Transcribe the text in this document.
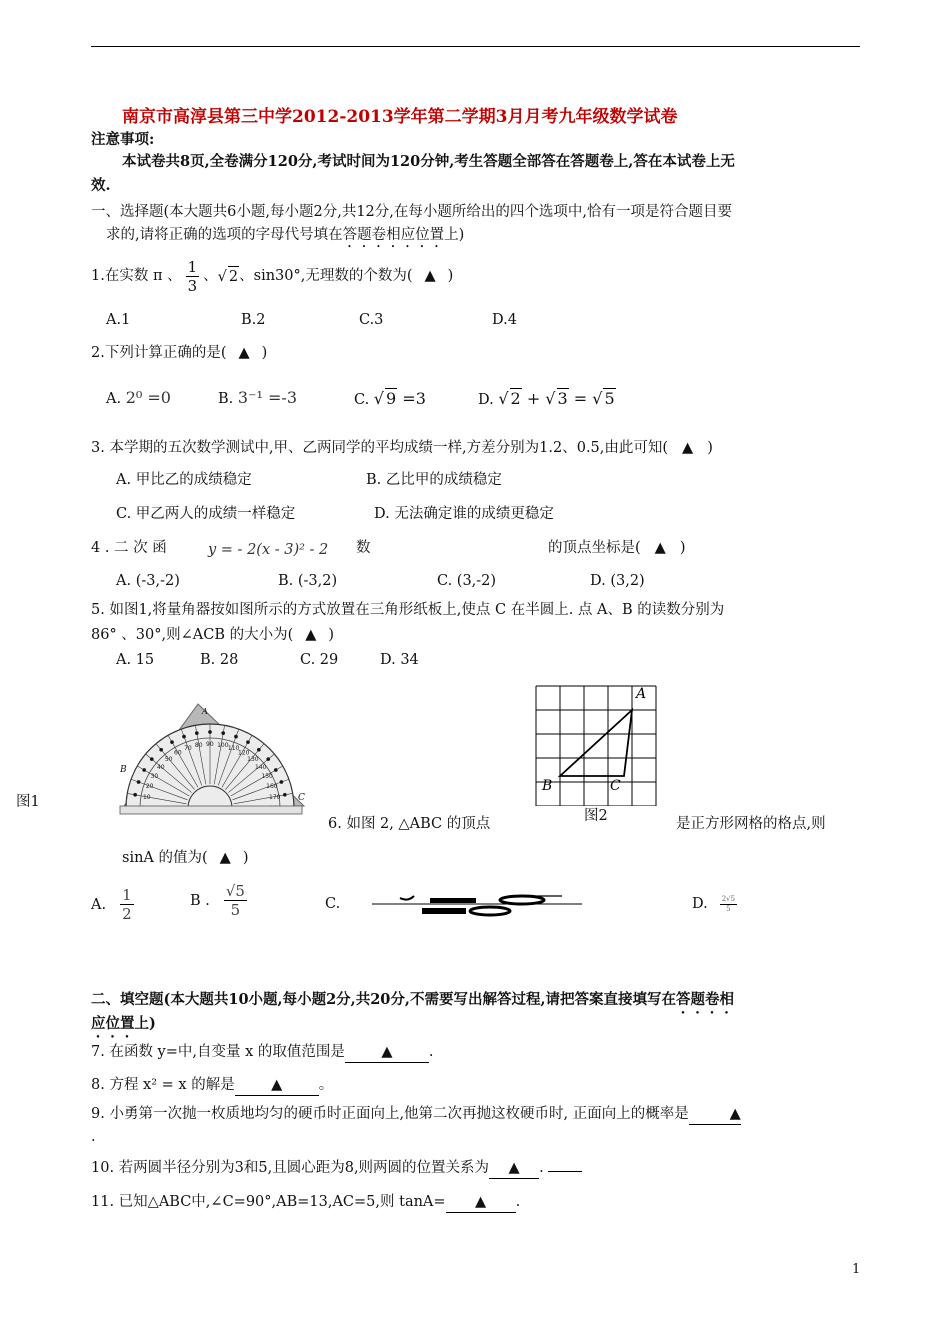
南京市高淳县第三中学2012-2013学年第二学期3月月考九年级数学试卷
注意事项:
本试卷共8页,全卷满分120分,考试时间为120分钟,考生答题全部答在答题卷上,答在本试卷上无
效.
一、选择题(本大题共6小题,每小题2分,共12分,在每小题所给出的四个选项中,恰有一项是符合题目要
求的,请将正确的选项的字母代号填在答题卷相应位置上)
1.在实数 π 、 $\frac{1}{3}$ 、 √ 2 、sin30°,无理数的个数为( ▲ )
A.1	B.2	C.3	D.4
2.下列计算正确的是( ▲ )
A. 2⁰ =0	B. 3⁻¹ =-3	C. √ 9 =3	D. √ 2 + √ 3 = √ 5
3. 本学期的五次数学测试中,甲、乙两同学的平均成绩一样,方差分别为1.2、0.5,由此可知( ▲ )
A. 甲比乙的成绩稳定	B. 乙比甲的成绩稳定
C. 甲乙两人的成绩一样稳定	D. 无法确定谁的成绩更稳定
4 . 二 次 函	y = - 2(x - 3)² - 2 数	的顶点坐标是( ▲ )
A. (-3,-2)	B. (-3,2)	C. (3,-2)	D. (3,2)
5. 如图1,将量角器按如图所示的方式放置在三角形纸板上,使点 C 在半圆上. 点 A、B 的读数分别为
86° 、30°,则∠ACB 的大小为( ▲ )
A. 15	B. 28	C. 29	D. 34
图1	10
20
30
40
50
60
70 80 90 100 110
120
130
140
150
160
170
A
B
C
A
B	C
图2
6. 如图 2, △ABC 的顶点	是正方形网格的格点,则
sinA 的值为( ▲ )
A. $\frac{1}{2}$	B . $\frac{√5}{5}$	C.	D. $\frac{2√5}{5}$
二、填空题(本大题共10小题,每小题2分,共20分,不需要写出解答过程,请把答案直接填写在答题卷相
应位置上)
7. 在函数 y=中,自变量 x 的取值范围是	▲	.
8. 方程 x² = x 的解是	▲	。
9. 小勇第一次抛一枚质地均匀的硬币时正面向上,他第二次再抛这枚硬币时, 正面向上的概率是	▲
.
10. 若两圆半径分别为3和5,且圆心距为8,则两圆的位置关系为 ▲ .
11. 已知△ABC中,∠C=90°,AB=13,AC=5,则 tanA= ▲ .
1
